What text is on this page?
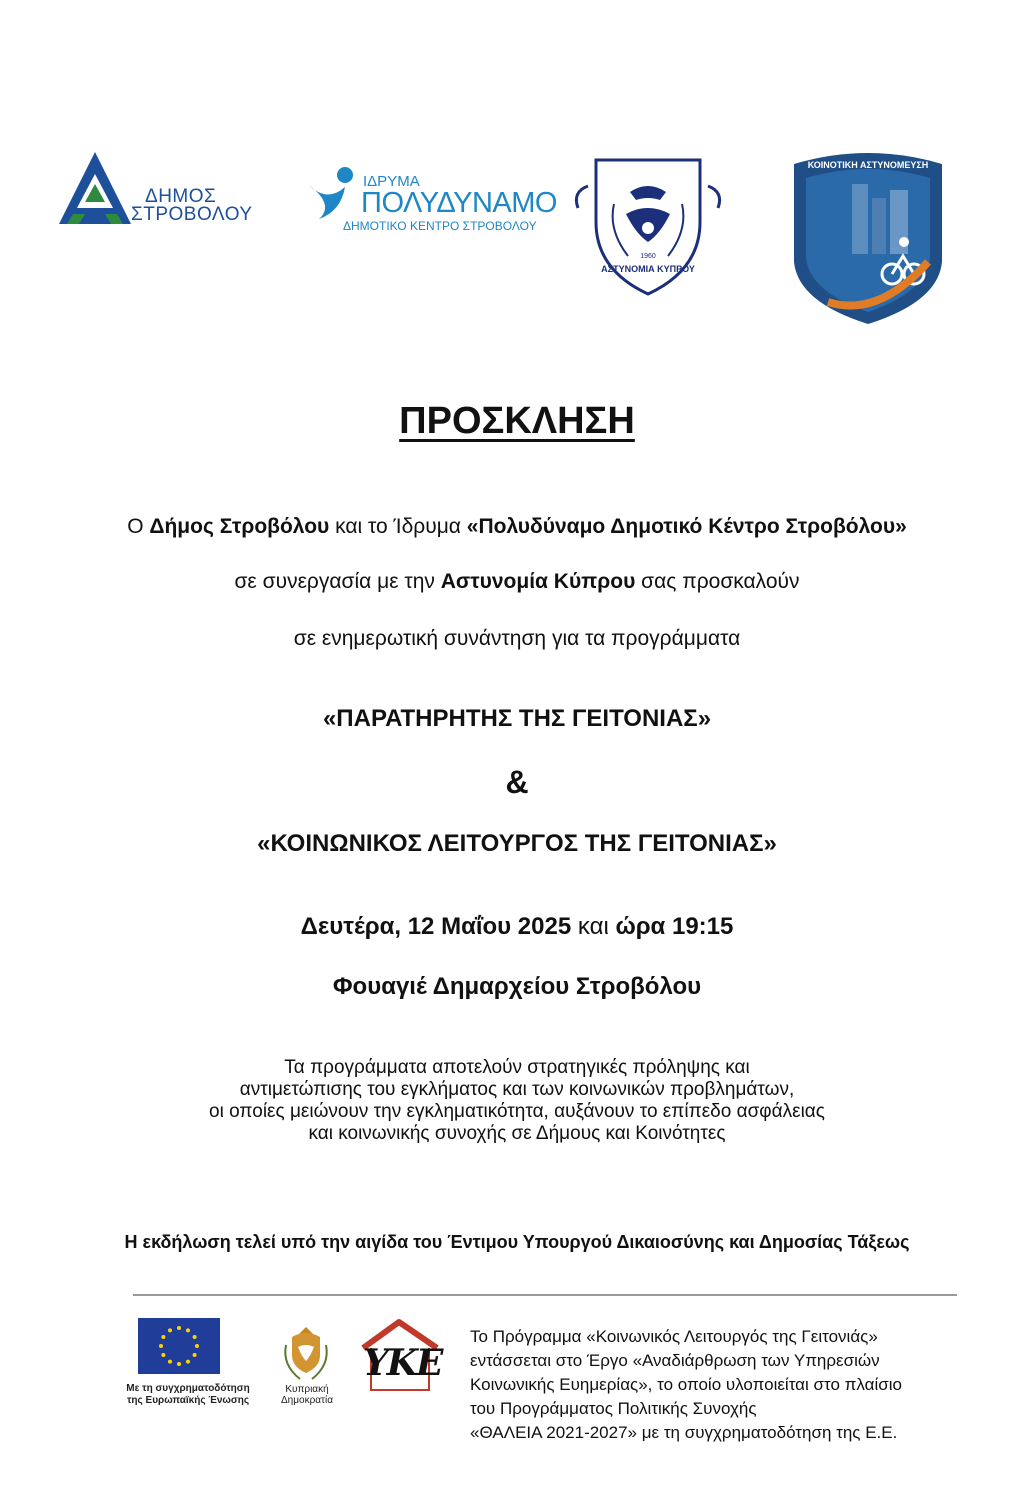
ΔΗΜΟΣ
ΣΤΡΟΒΟΛΟΥ
ΙΔΡΥΜΑ
ΠΟΛΥΔΥΝΑΜΟ
ΔΗΜΟΤΙΚΟ ΚΕΝΤΡΟ ΣΤΡΟΒΟΛΟΥ
1960
ΑΣΤΥΝΟΜΙΑ ΚΥΠΡΟΥ
ΚΟΙΝΟΤΙΚΗ ΑΣΤΥΝΟΜΕΥΣΗ
ΠΡΟΣΚΛΗΣΗ
Ο Δήμος Στροβόλου και το Ίδρυμα «Πολυδύναμο Δημοτικό Κέντρο Στροβόλου»
σε συνεργασία με την Αστυνομία Κύπρου σας προσκαλούν
σε ενημερωτική συνάντηση για τα προγράμματα
«ΠΑΡΑΤΗΡΗΤΗΣ ΤΗΣ ΓΕΙΤΟΝΙΑΣ»
&
«ΚΟΙΝΩΝΙΚΟΣ ΛΕΙΤΟΥΡΓΟΣ ΤΗΣ ΓΕΙΤΟΝΙΑΣ»
Δευτέρα, 12 Μαΐου 2025 και ώρα 19:15
Φουαγιέ Δημαρχείου Στροβόλου
Τα προγράμματα αποτελούν στρατηγικές πρόληψης και
αντιμετώπισης του εγκλήματος και των κοινωνικών προβλημάτων,
οι οποίες μειώνουν την εγκληματικότητα, αυξάνουν το επίπεδο ασφάλειας
και κοινωνικής συνοχής σε Δήμους και Κοινότητες
Η εκδήλωση τελεί υπό την αιγίδα του Έντιμου Υπουργού Δικαιοσύνης και Δημοσίας Τάξεως
Με τη συγχρηματοδότηση
της Ευρωπαϊκής Ένωσης
Κυπριακή Δημοκρατία
ΥΚΕ
Το Πρόγραμμα «Κοινωνικός Λειτουργός της Γειτονιάς»
εντάσσεται στο Έργο «Αναδιάρθρωση των Υπηρεσιών
Κοινωνικής Ευημερίας», το οποίο υλοποιείται στο πλαίσιο
του Προγράμματος Πολιτικής Συνοχής
«ΘΑΛΕΙΑ 2021-2027» με τη συγχρηματοδότηση της Ε.Ε.
